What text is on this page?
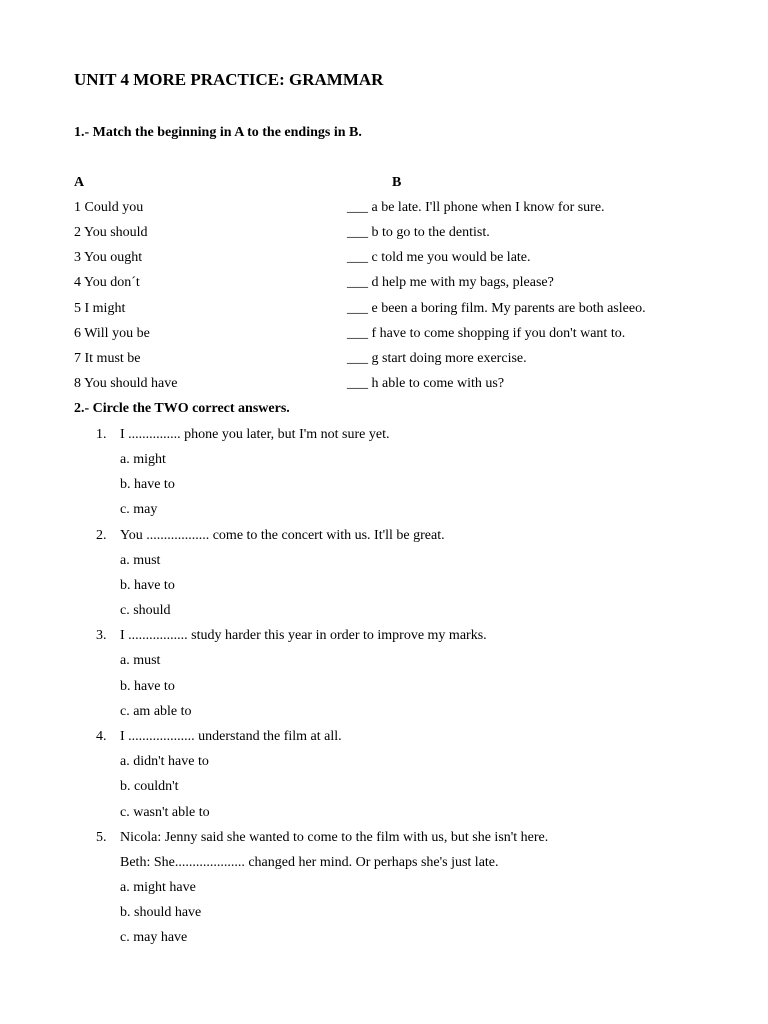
UNIT 4 MORE PRACTICE: GRAMMAR
1.- Match the beginning in A to the endings in B.
A	B
1 Could you	___ a be late. I'll phone when I know for sure.
2 You should	___ b to go to the dentist.
3 You ought	___ c told me you would be late.
4 You don´t	___ d help me with my bags, please?
5 I might	___ e been a boring film. My parents are both asleeo.
6 Will you be	___ f have to come shopping if you don't want to.
7 It must be	___ g start doing more exercise.
8 You should have	___ h able to come with us?
2.- Circle the TWO correct answers.
1. I ............... phone you later, but I'm not sure yet.
a. might
b. have to
c. may
2. You .................. come to the concert with us. It'll be great.
a. must
b. have to
c. should
3. I ................. study harder this year in order to improve my marks.
a. must
b. have to
c. am able to
4. I ................... understand the film at all.
a. didn't have to
b. couldn't
c. wasn't able to
5. Nicola: Jenny said she wanted to come to the film with us, but she isn't here.
Beth: She.................... changed her mind. Or perhaps she's just late.
a. might have
b. should have
c. may have
